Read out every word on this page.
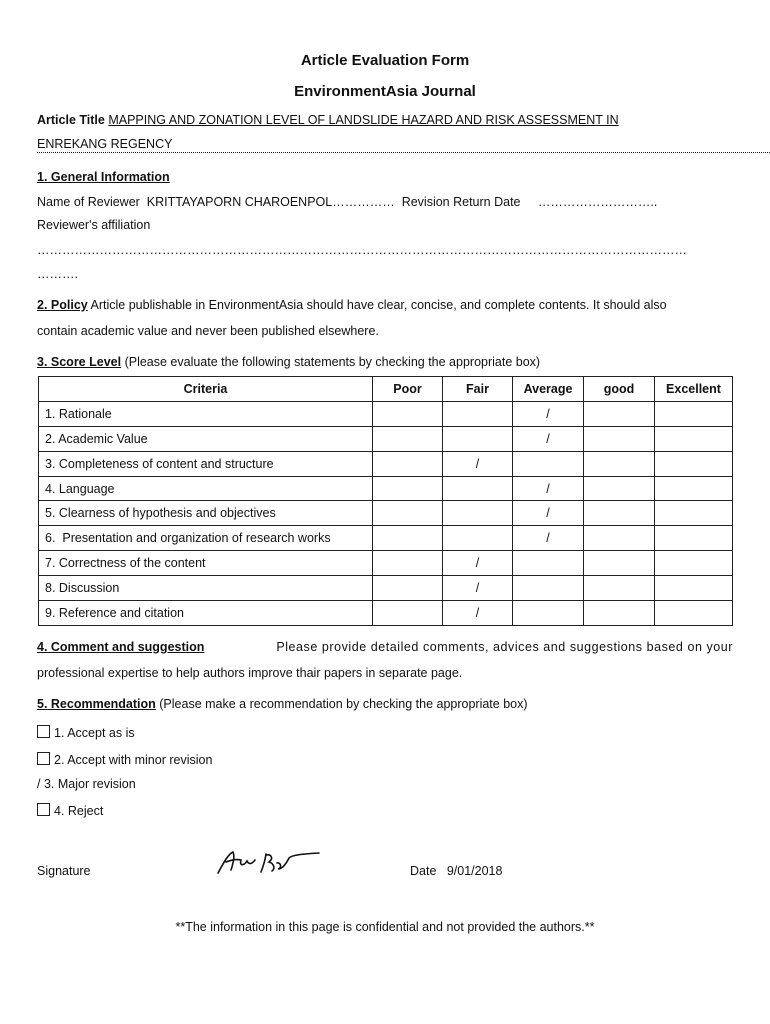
Article Evaluation Form
EnvironmentAsia Journal
Article Title MAPPING AND ZONATION LEVEL OF LANDSLIDE HAZARD AND RISK ASSESSMENT IN
ENREKANG REGENCY
1. General Information
Name of Reviewer KRITTAYAPORN CHAROENPOL…………… Revision Return Date ………………………..
Reviewer's affiliation
…………………………………………………………………………………………………………………………………………
……….
2. Policy Article publishable in EnvironmentAsia should have clear, concise, and complete contents. It should also
contain academic value and never been published elsewhere.
3. Score Level (Please evaluate the following statements by checking the appropriate box)
Criteria	Poor	Fair	Average	good	Excellent
1. Rationale			/		
2. Academic Value			/		
3. Completeness of content and structure		/			
4. Language			/		
5. Clearness of hypothesis and objectives			/		
6.  Presentation and organization of research works			/		
7. Correctness of the content		/			
8. Discussion		/			
9. Reference and citation		/			
4. Comment and suggestion	Please provide detailed comments, advices and suggestions based on your
professional expertise to help authors improve thair papers in separate page.
5. Recommendation (Please make a recommendation by checking the appropriate box)
1. Accept as is
2. Accept with minor revision
/ 3. Major revision
4. Reject
Signature	Date 9/01/2018
**The information in this page is confidential and not provided the authors.**
